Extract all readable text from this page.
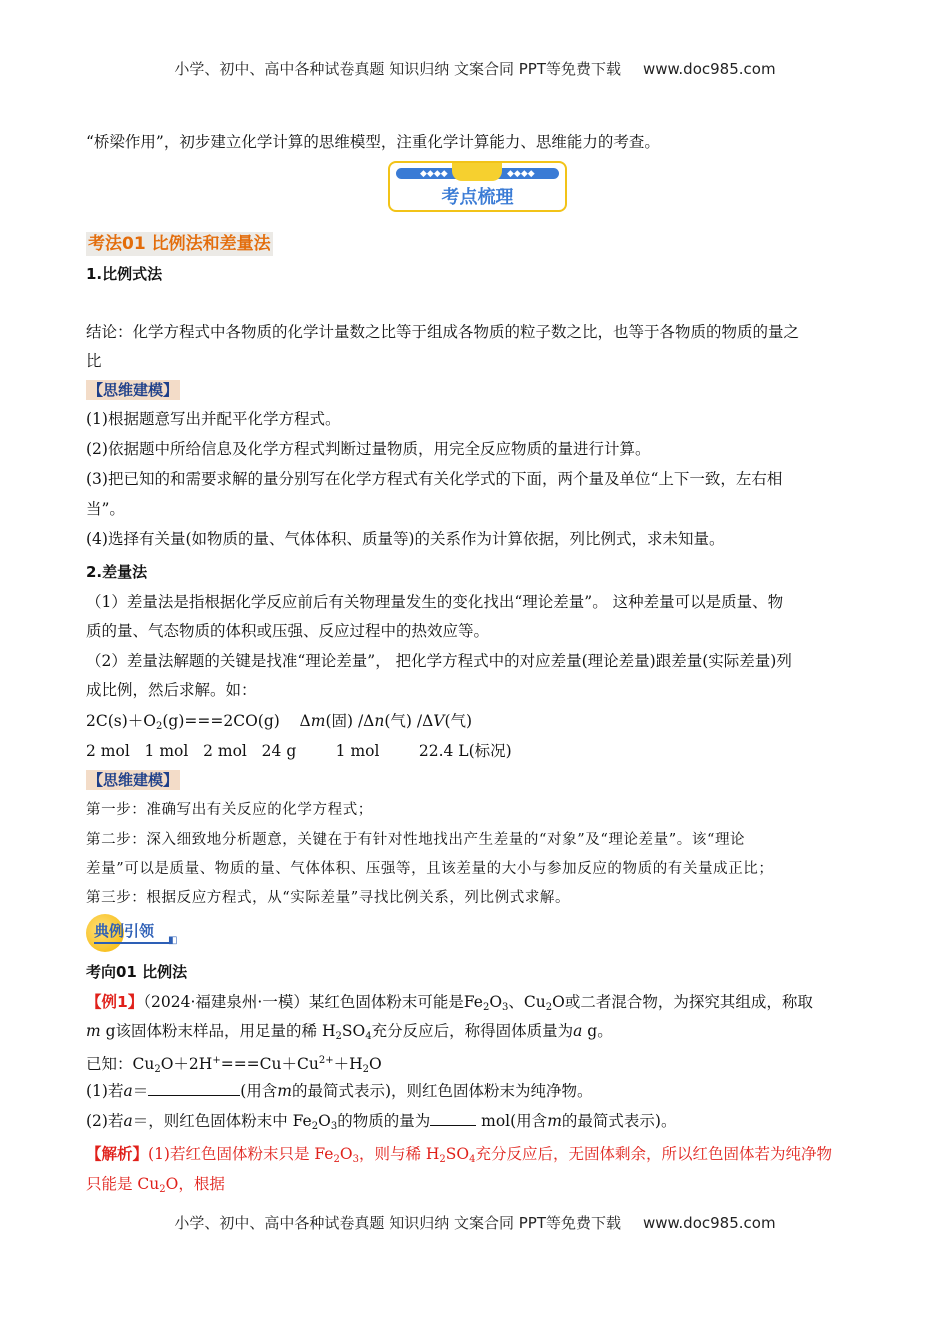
小学、初中、高中各种试卷真题 知识归纳 文案合同 PPT等免费下载 www.doc985.com
“桥梁作用”，初步建立化学计算的思维模型，注重化学计算能力、思维能力的考查。
◆◆◆◆	◆◆◆◆
考点梳理
考法01 比例法和差量法
1.比例式法
结论：化学方程式中各物质的化学计量数之比等于组成各物质的粒子数之比，也等于各物质的物质的量之
比
【思维建模】
(1)根据题意写出并配平化学方程式。
(2)依据题中所给信息及化学方程式判断过量物质，用完全反应物质的量进行计算。
(3)把已知的和需要求解的量分别写在化学方程式有关化学式的下面，两个量及单位“上下一致，左右相
当”。
(4)选择有关量(如物质的量、气体体积、质量等)的关系作为计算依据，列比例式，求未知量。
2.差量法
（1）差量法是指根据化学反应前后有关物理量发生的变化找出“理论差量”。 这种差量可以是质量、物
质的量、气态物质的体积或压强、反应过程中的热效应等。
（2）差量法解题的关键是找准“理论差量”， 把化学方程式中的对应差量(理论差量)跟差量(实际差量)列
成比例，然后求解。如：
$2C(s)+O_2(g)===2CO(g)$ Δm(固) /Δn(气) /ΔV(气)
2 mol   1 mol   2 mol   24 g        1 mol        22.4 L(标况)
【思维建模】
第一步：准确写出有关反应的化学方程式；
第二步：深入细致地分析题意，关键在于有针对性地找出产生差量的“对象”及“理论差量”。该“理论
差量”可以是质量、物质的量、气体体积、压强等，且该差量的大小与参加反应的物质的有关量成正比；
第三步：根据反应方程式，从“实际差量”寻找比例关系，列比例式求解。
典例引领
◧
考向01 比例法
【例1】（2024·福建泉州·一模）某红色固体粉末可能是$Fe_2O_3$、$Cu_2O$或二者混合物，为探究其组成，称取
m g该固体粉末样品，用足量的稀 $H_2SO_4$充分反应后，称得固体质量为a g。
已知：$Cu_2O+2H^+===Cu+Cu^{2+}+H_2O$
(1)若a＝	(用含m的最简式表示)，则红色固体粉末为纯净物。
(2)若a＝，则红色固体粉末中 $Fe_2O_3$的物质的量为	mol(用含m的最简式表示)。
【解析】(1)若红色固体粉末只是 $Fe_2O_3$，则与稀 $H_2SO_4$充分反应后，无固体剩余，所以红色固体若为纯净物
只能是 $Cu_2O$，根据
小学、初中、高中各种试卷真题 知识归纳 文案合同 PPT等免费下载 www.doc985.com
